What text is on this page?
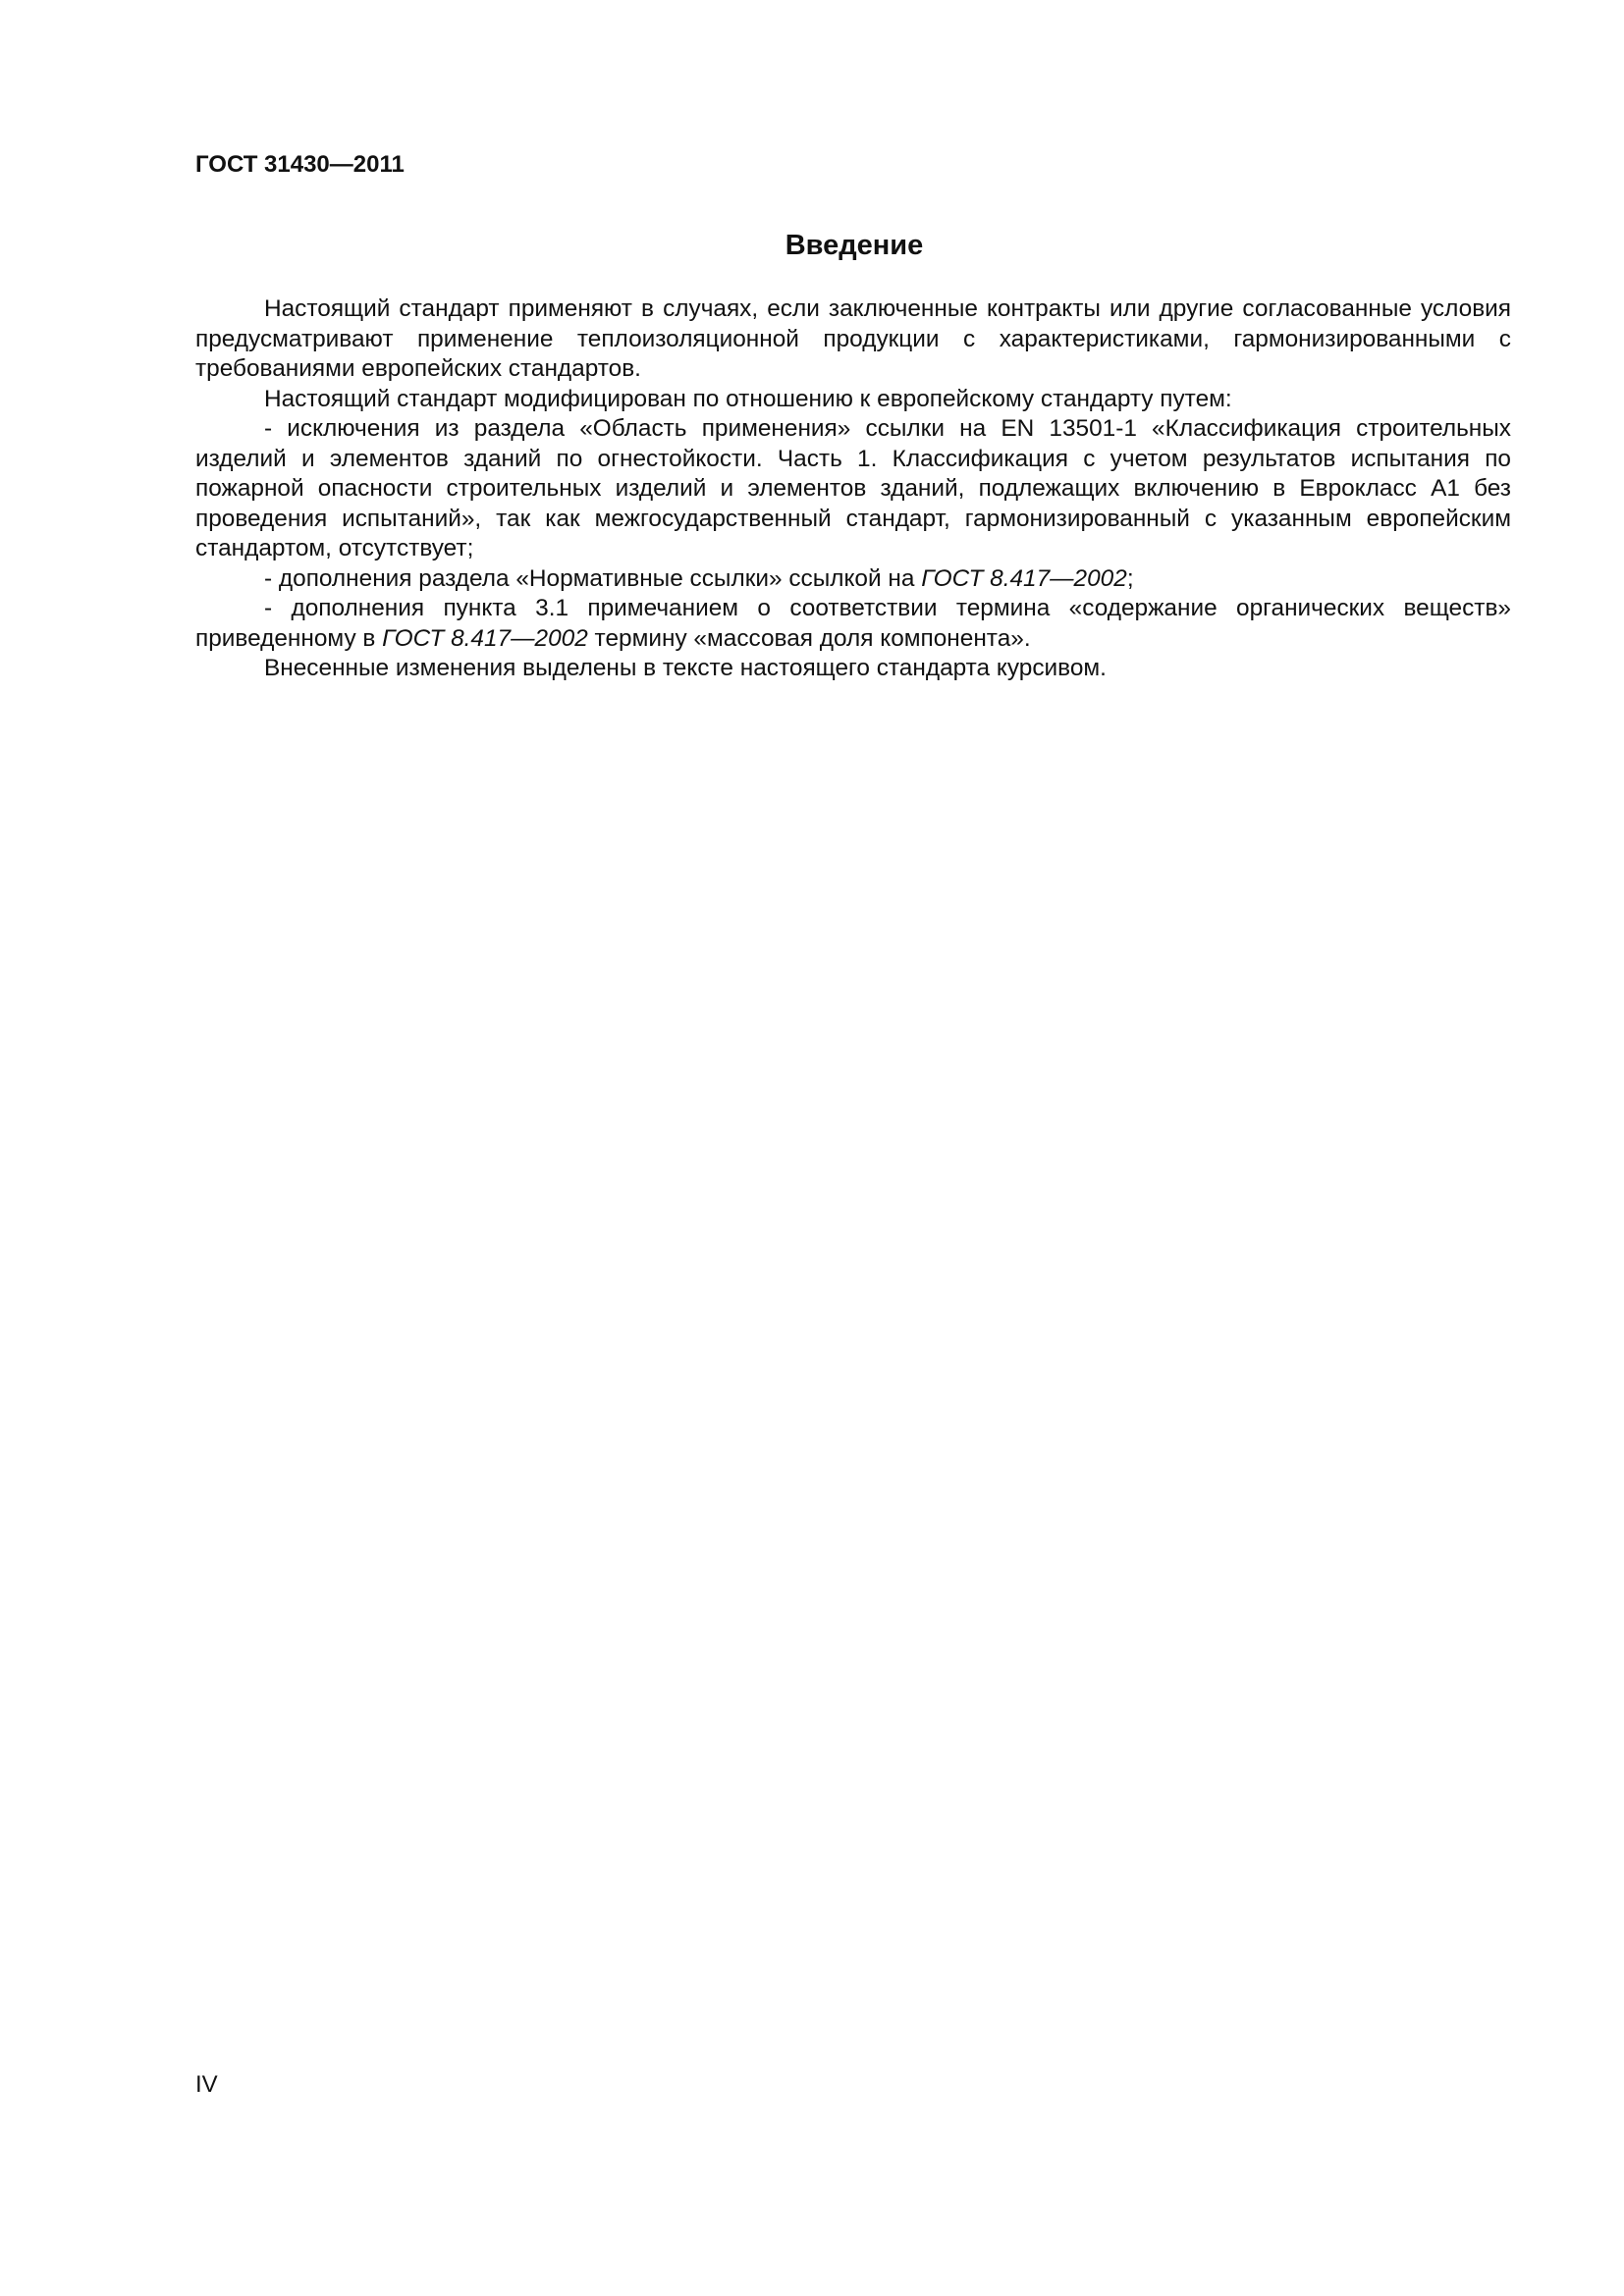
ГОСТ 31430—2011
Введение

Настоящий стандарт применяют в случаях, если заключенные контракты или другие согласованные условия предусматривают применение теплоизоляционной продукции с характеристиками, гармонизированными с требованиями европейских стандартов.

Настоящий стандарт модифицирован по отношению к европейскому стандарту путем:

- исключения из раздела «Область применения» ссылки на EN 13501-1 «Классификация строительных изделий и элементов зданий по огнестойкости. Часть 1. Классификация с учетом результатов испытания по пожарной опасности строительных изделий и элементов зданий, подлежащих включению в Еврокласс А1 без проведения испытаний», так как межгосударственный стандарт, гармонизированный с указанным европейским стандартом, отсутствует;

- дополнения раздела «Нормативные ссылки» ссылкой на ГОСТ 8.417—2002;

- дополнения пункта 3.1 примечанием о соответствии термина «содержание органических веществ» приведенному в ГОСТ 8.417—2002 термину «массовая доля компонента».

Внесенные изменения выделены в тексте настоящего стандарта курсивом.

IV
